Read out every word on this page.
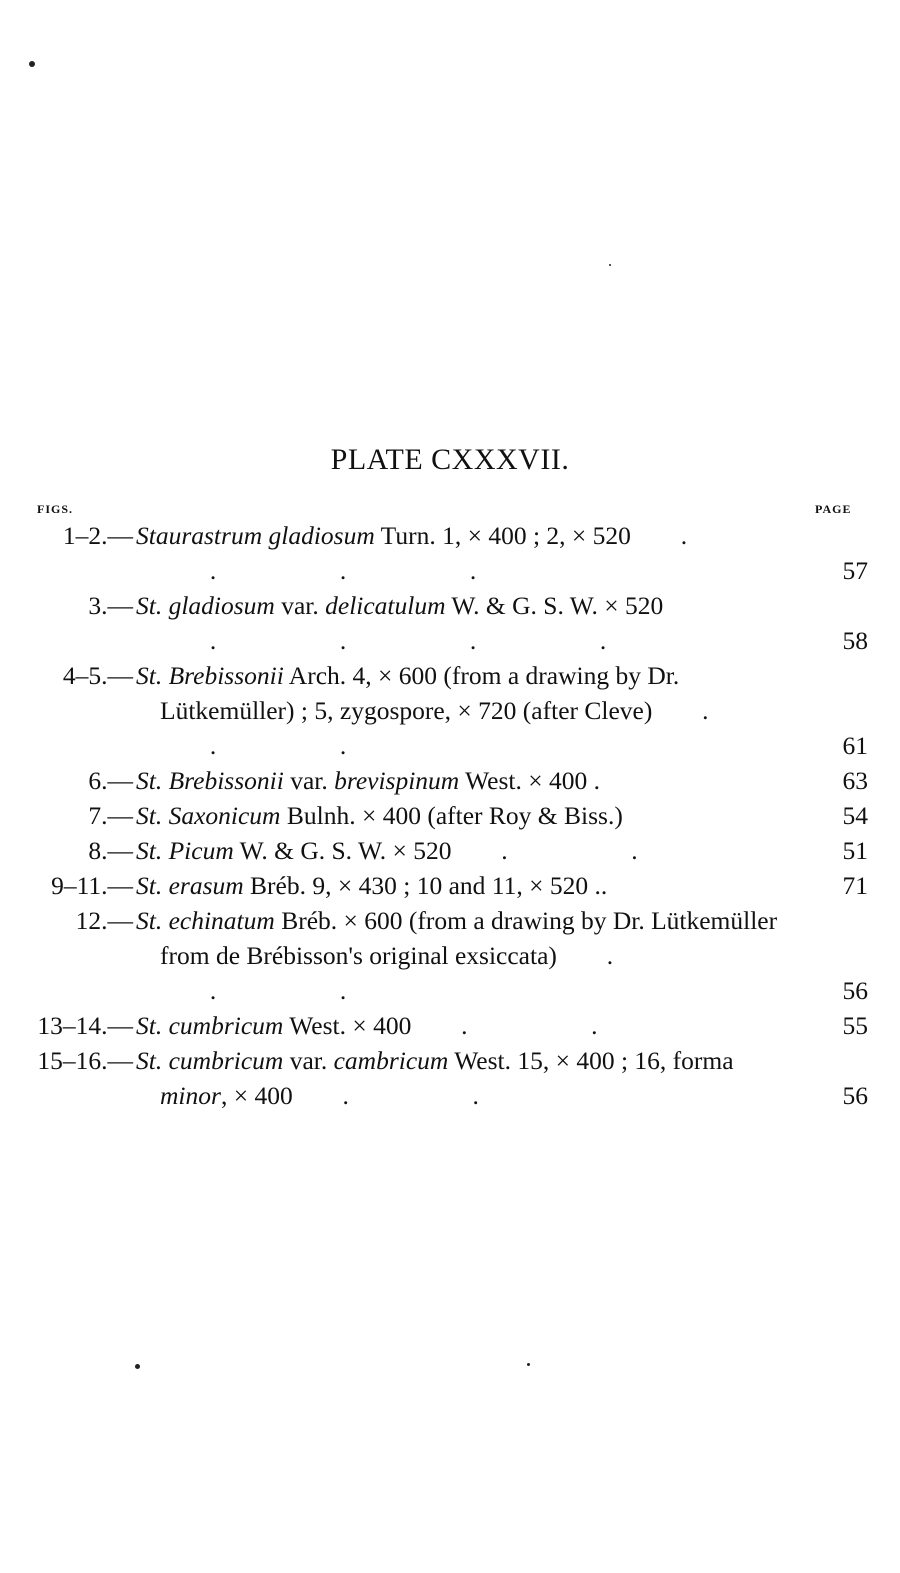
PLATE CXXXVII.
FIGS.	PAGE
1–2.— Staurastrum gladiosum Turn. 1, × 400 ; 2, × 520 ..	.	.	57
3.— St. gladiosum var. delicatulum W. & G. S. W. × 520.	.	.	.	58
4–5.— St. Brebissonii Arch. 4, × 600 (from a drawing by Dr. Lütkemüller) ; 5, zygospore, × 720 (after Cleve) ..	.	61
6.— St. Brebissonii var. brevispinum West. × 400 .	63
7.— St. Saxonicum Bulnh. × 400 (after Roy & Biss.)	54
8.— St. Picum W. & G. S. W. × 520 .	.	51
9–11.— St. erasum Bréb. 9, × 430 ; 10 and 11, × 520 ..	71
12.— St. echinatum Bréb. × 600 (from a drawing by Dr. Lütkemüller from de Brébisson's original exsiccata) ..	.	56
13–14.— St. cumbricum West. × 400 .	.	55
15–16.— St. cumbricum var. cambricum West. 15, × 400 ; 16, forma minor, × 400 .	.	56
